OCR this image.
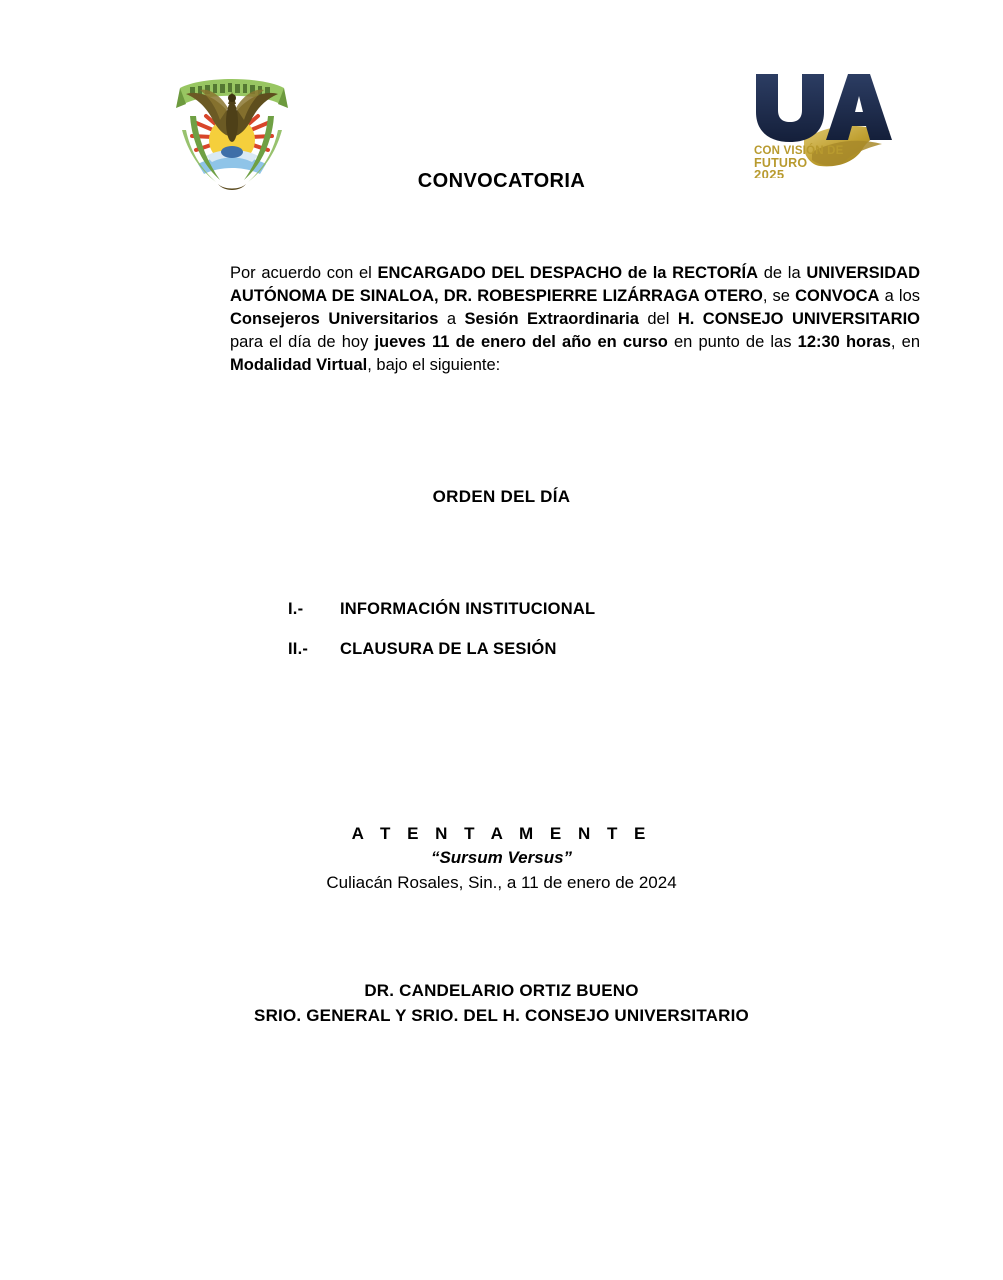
CON VISIÓN DE
FUTURO
2025
CONVOCATORIA
Por acuerdo con el ENCARGADO DEL DESPACHO de la RECTORÍA de la UNIVERSIDAD AUTÓNOMA DE SINALOA, DR. ROBESPIERRE LIZÁRRAGA OTERO, se CONVOCA a los Consejeros Universitarios a Sesión Extraordinaria del H. CONSEJO UNIVERSITARIO para el día de hoy jueves 11 de enero del año en curso en punto de las 12:30 horas, en Modalidad Virtual, bajo el siguiente:
ORDEN DEL DÍA
I.-	INFORMACIÓN INSTITUCIONAL
II.-	CLAUSURA DE LA SESIÓN
A T E N T A M E N T E
“Sursum Versus”
Culiacán Rosales, Sin., a 11 de enero de 2024
DR. CANDELARIO ORTIZ BUENO
SRIO. GENERAL Y SRIO. DEL H. CONSEJO UNIVERSITARIO
